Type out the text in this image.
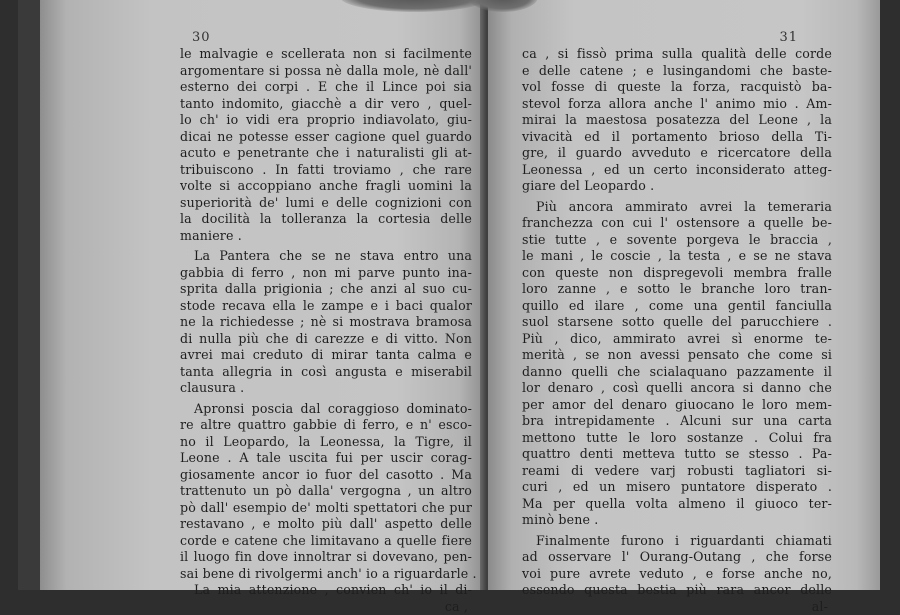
30
le malvagie e scellerata non si facilmente
argomentare si possa nè dalla mole, nè dall'
esterno dei corpi . E che il Lince poi sia
tanto indomito, giacchè a dir vero , quel-
lo ch' io vidi era proprio indiavolato, giu-
dicai ne potesse esser cagione quel guardo
acuto e penetrante che i naturalisti gli at-
tribuiscono . In fatti troviamo , che rare
volte si accoppiano anche fragli uomini la
superiorità de' lumi e delle cognizioni con
la docilità la tolleranza la cortesia delle
maniere .
La Pantera che se ne stava entro una
gabbia di ferro , non mi parve punto ina-
sprita dalla prigionia ; che anzi al suo cu-
stode recava ella le zampe e i baci qualor
ne la richiedesse ; nè si mostrava bramosa
di nulla più che di carezze e di vitto. Non
avrei mai creduto di mirar tanta calma e
tanta allegria in così angusta e miserabil
clausura .
Apronsi poscia dal coraggioso dominato-
re altre quattro gabbie di ferro, e n' esco-
no il Leopardo, la Leonessa, la Tigre, il
Leone . A tale uscita fui per uscir corag-
giosamente ancor io fuor del casotto . Ma
trattenuto un pò dalla' vergogna , un altro
pò dall' esempio de' molti spettatori che pur
restavano , e molto più dall' aspetto delle
corde e catene che limitavano a quelle fiere
il luogo fin dove innoltrar si dovevano, pen-
sai bene di rivolgermi anch' io a riguardarle .
La mia attenzione , convien ch' io il di-
ca ,
31
ca , si fissò prima sulla qualità delle corde
e delle catene ; e lusingandomi che baste-
vol fosse di queste la forza, racquistò ba-
stevol forza allora anche l' animo mio . Am-
mirai la maestosa posatezza del Leone , la
vivacità ed il portamento brioso della Ti-
gre, il guardo avveduto e ricercatore della
Leonessa , ed un certo inconsiderato atteg-
giare del Leopardo .
Più ancora ammirato avrei la temeraria
franchezza con cui l' ostensore a quelle be-
stie tutte , e sovente porgeva le braccia ,
le mani , le coscie , la testa , e se ne stava
con queste non dispregevoli membra fralle
loro zanne , e sotto le branche loro tran-
quillo ed ilare , come una gentil fanciulla
suol starsene sotto quelle del parucchiere .
Più , dico, ammirato avrei sì enorme te-
merità , se non avessi pensato che come si
danno quelli che scialaquano pazzamente il
lor denaro , così quelli ancora si danno che
per amor del denaro giuocano le loro mem-
bra intrepidamente . Alcuni sur una carta
mettono tutte le loro sostanze . Colui fra
quattro denti metteva tutto se stesso . Pa-
reami di vedere varj robusti tagliatori si-
curi , ed un misero puntatore disperato .
Ma per quella volta almeno il giuoco ter-
minò bene .
Finalmente furono i riguardanti chiamati
ad osservare l' Ourang-Outang , che forse
voi pure avrete veduto , e forse anche no,
essendo questa bestia più rara ancor delle
al-
